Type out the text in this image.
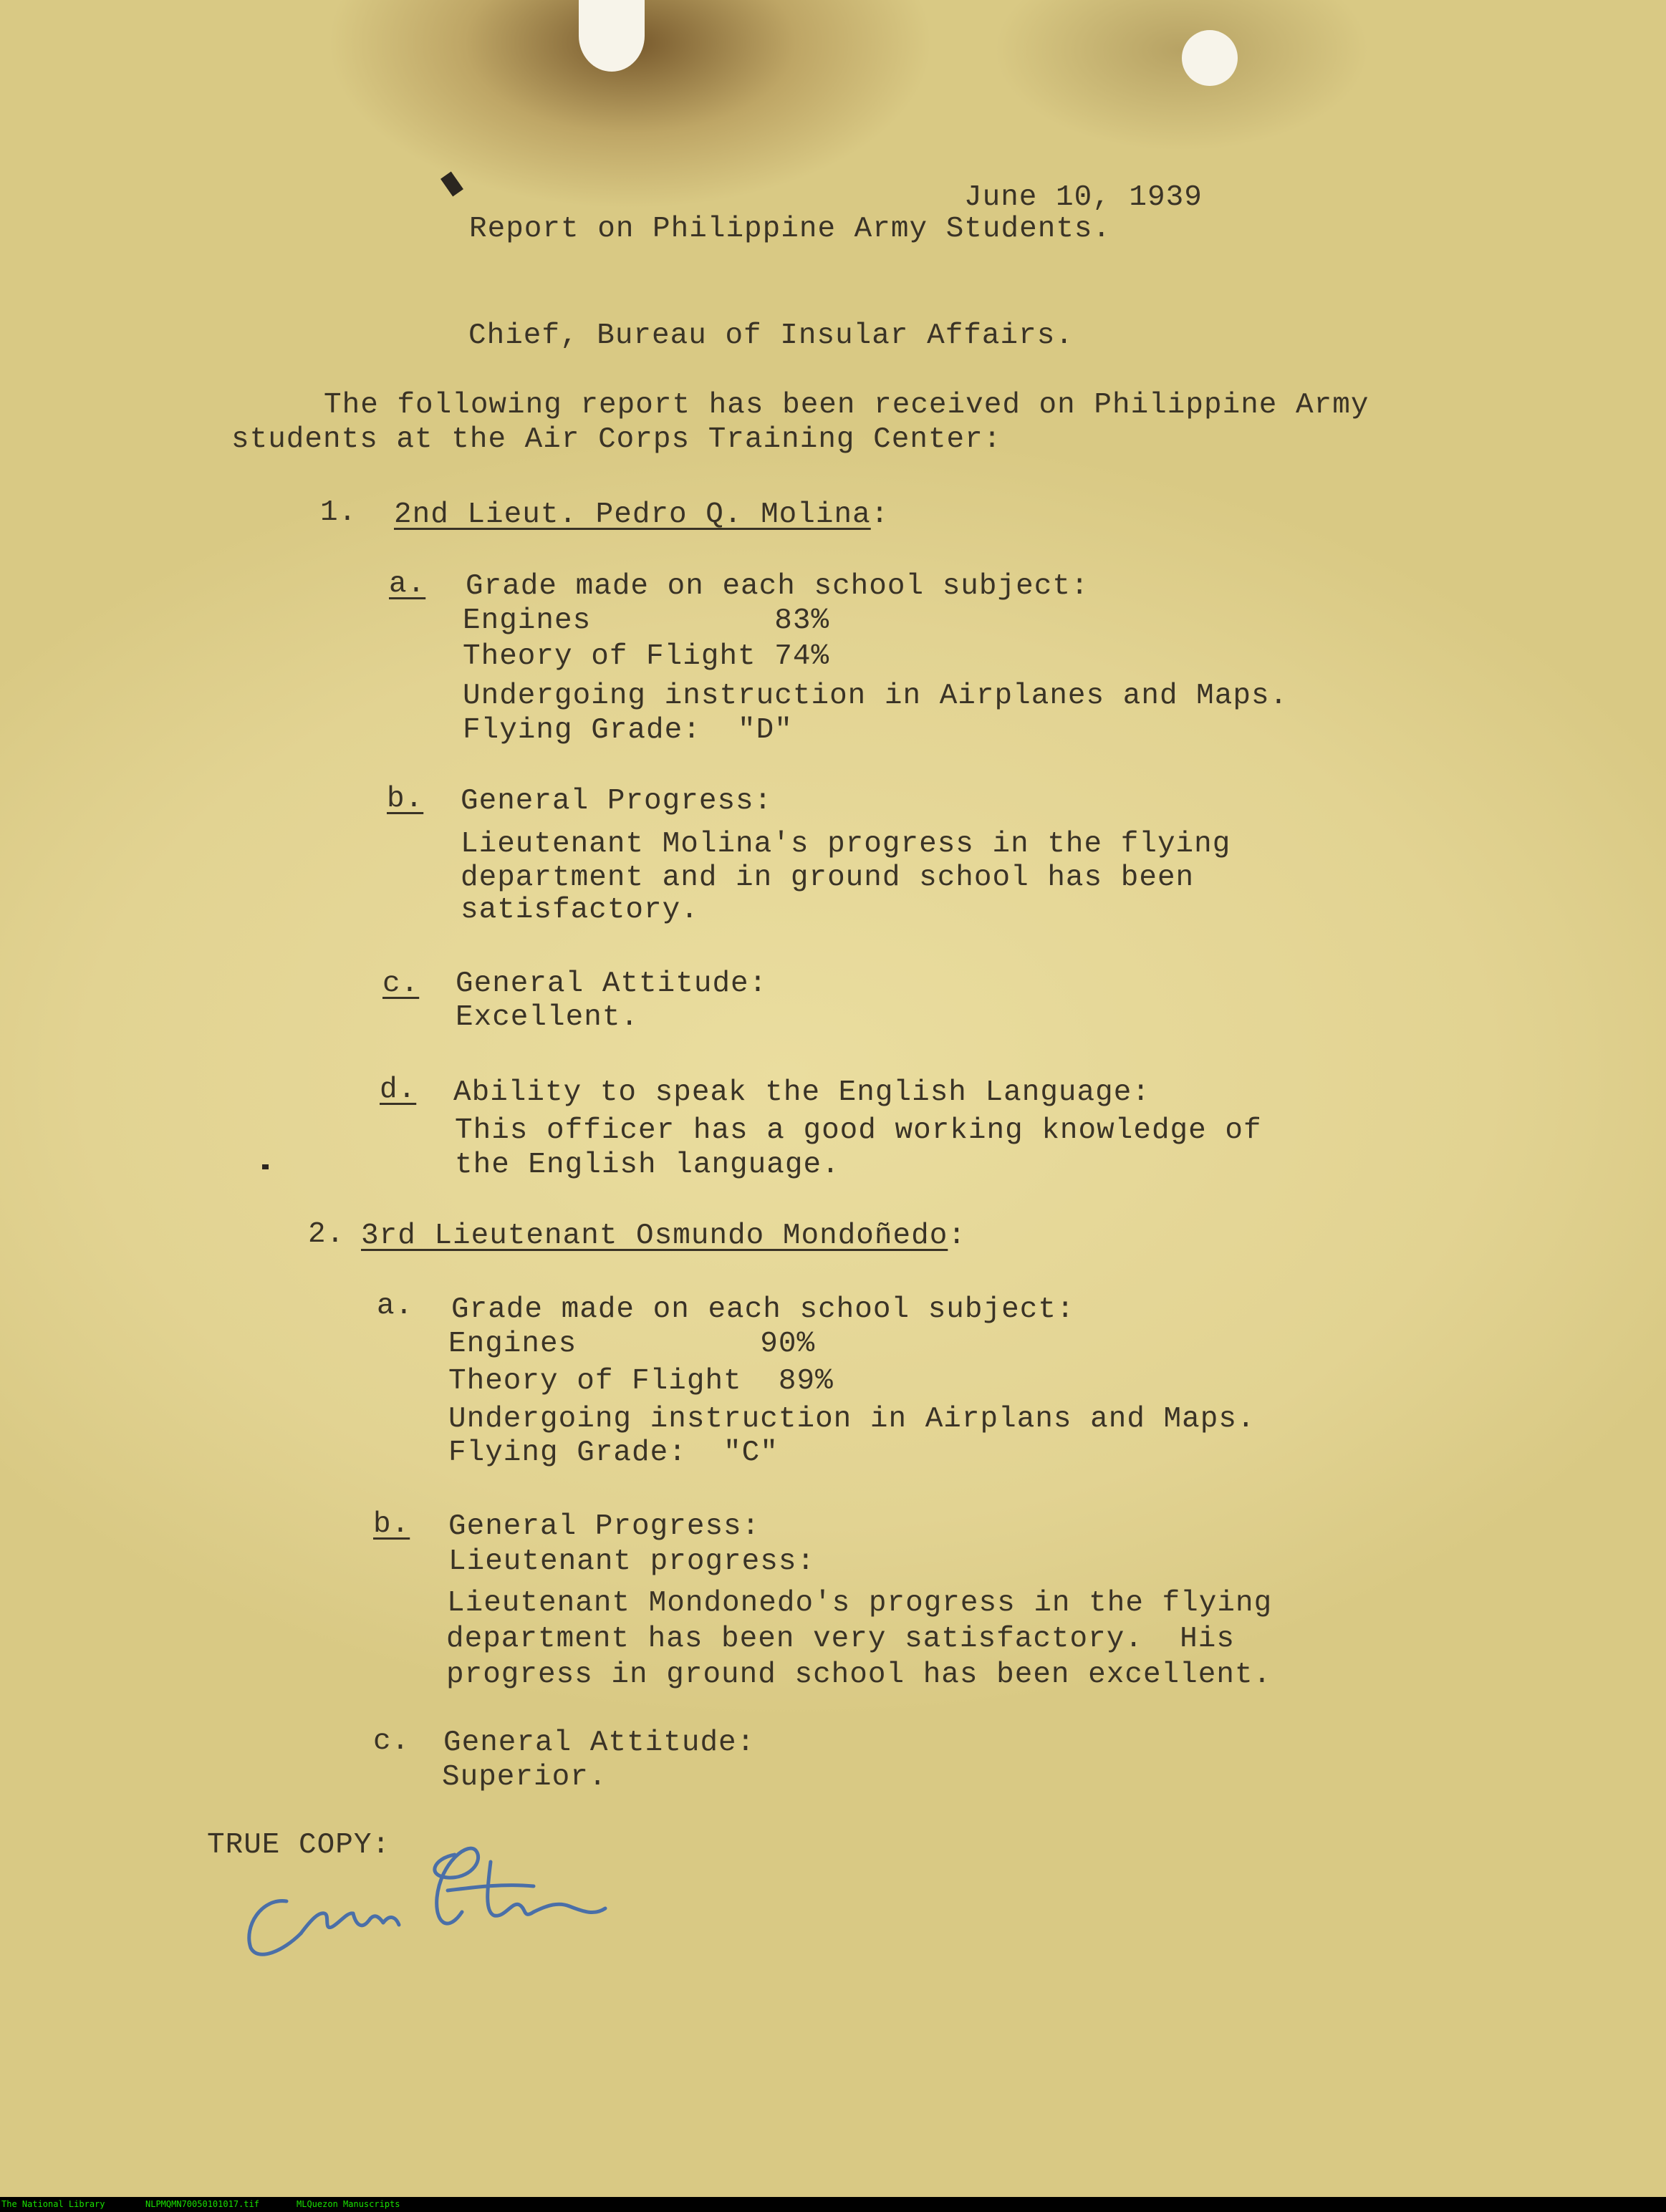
June 10, 1939
Report on Philippine Army Students.
Chief, Bureau of Insular Affairs.
The following report has been received on Philippine Army
students at the Air Corps Training Center:
1. 2nd Lieut. Pedro Q. Molina:
a. Grade made on each school subject:
Engines          83%
Theory of Flight 74%
Undergoing instruction in Airplanes and Maps.
Flying Grade:  "D"
b. General Progress:
Lieutenant Molina's progress in the flying
department and in ground school has been
satisfactory.
c. General Attitude:
Excellent.
d. Ability to speak the English Language:
This officer has a good working knowledge of
the English language.
2. 3rd Lieutenant Osmundo Mondoñedo:
a. Grade made on each school subject:
Engines          90%
Theory of Flight  89%
Undergoing instruction in Airplans and Maps.
Flying Grade:  "C"
b. General Progress:
Lieutenant progress:
Lieutenant Mondonedo's progress in the flying
department has been very satisfactory.  His
progress in ground school has been excellent.
c. General Attitude:
Superior.
TRUE COPY:
The National Library	NLPMQMN70050101017.tif	MLQuezon Manuscripts
